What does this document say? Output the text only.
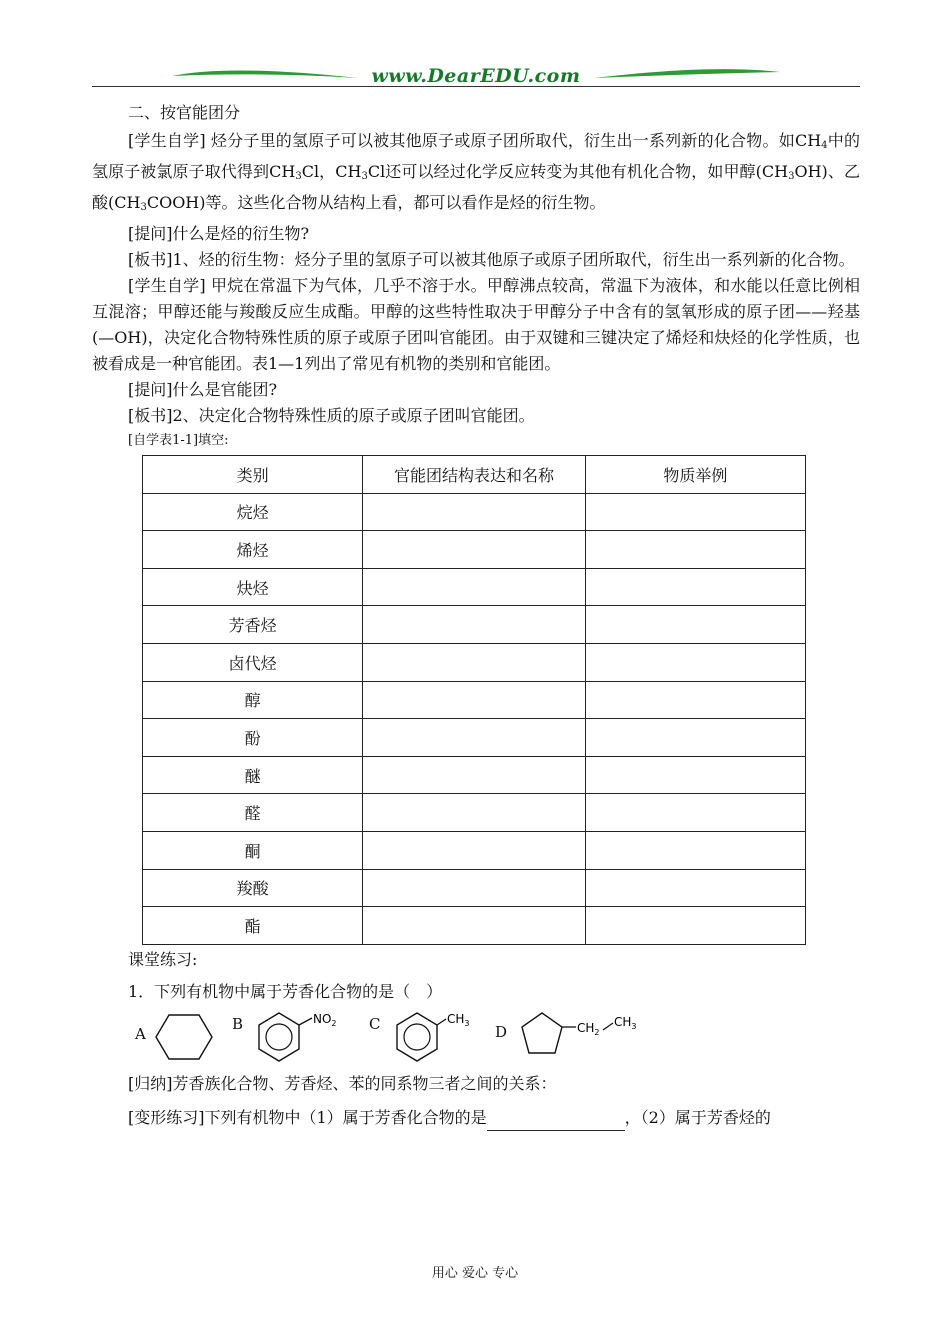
www.DearEDU.com

二、按官能团分

[学生自学] 烃分子里的氢原子可以被其他原子或原子团所取代，衍生出一系列新的化合物。如$CH_4$中的氢原子被氯原子取代得到$CH_3Cl$，$CH_3Cl$还可以经过化学反应转变为其他有机化合物，如甲醇$(CH_3OH)$、乙酸$(CH_3COOH)$等。这些化合物从结构上看，都可以看作是烃的衍生物。

[提问]什么是烃的衍生物?

[板书]1、烃的衍生物：烃分子里的氢原子可以被其他原子或原子团所取代，衍生出一系列新的化合物。

[学生自学] 甲烷在常温下为气体，几乎不溶于水。甲醇沸点较高，常温下为液体，和水能以任意比例相互混溶；甲醇还能与羧酸反应生成酯。甲醇的这些特性取决于甲醇分子中含有的氢氧形成的原子团——羟基(—OH)，决定化合物特殊性质的原子或原子团叫官能团。由于双键和三键决定了烯烃和炔烃的化学性质，也被看成是一种官能团。表1—1列出了常见有机物的类别和官能团。

[提问]什么是官能团?

[板书]2、决定化合物特殊性质的原子或原子团叫官能团。

[自学表1-1]填空:
类别	官能团结构表达和名称	物质举例
烷烃		
烯烃		
炔烃		
芳香烃		
卤代烃		
醇		
酚		
醚		
醛		
酮		
羧酸		
酯		

课堂练习:

1．下列有机物中属于芳香化合物的是（　）

A
B	$NO_2$ C	$CH_3$ D	$CH_2$
$CH_3$

[归纳]芳香族化合物、芳香烃、苯的同系物三者之间的关系：

[变形练习]下列有机物中（1）属于芳香化合物的是	，（2）属于芳香烃的

用心 爱心 专心
